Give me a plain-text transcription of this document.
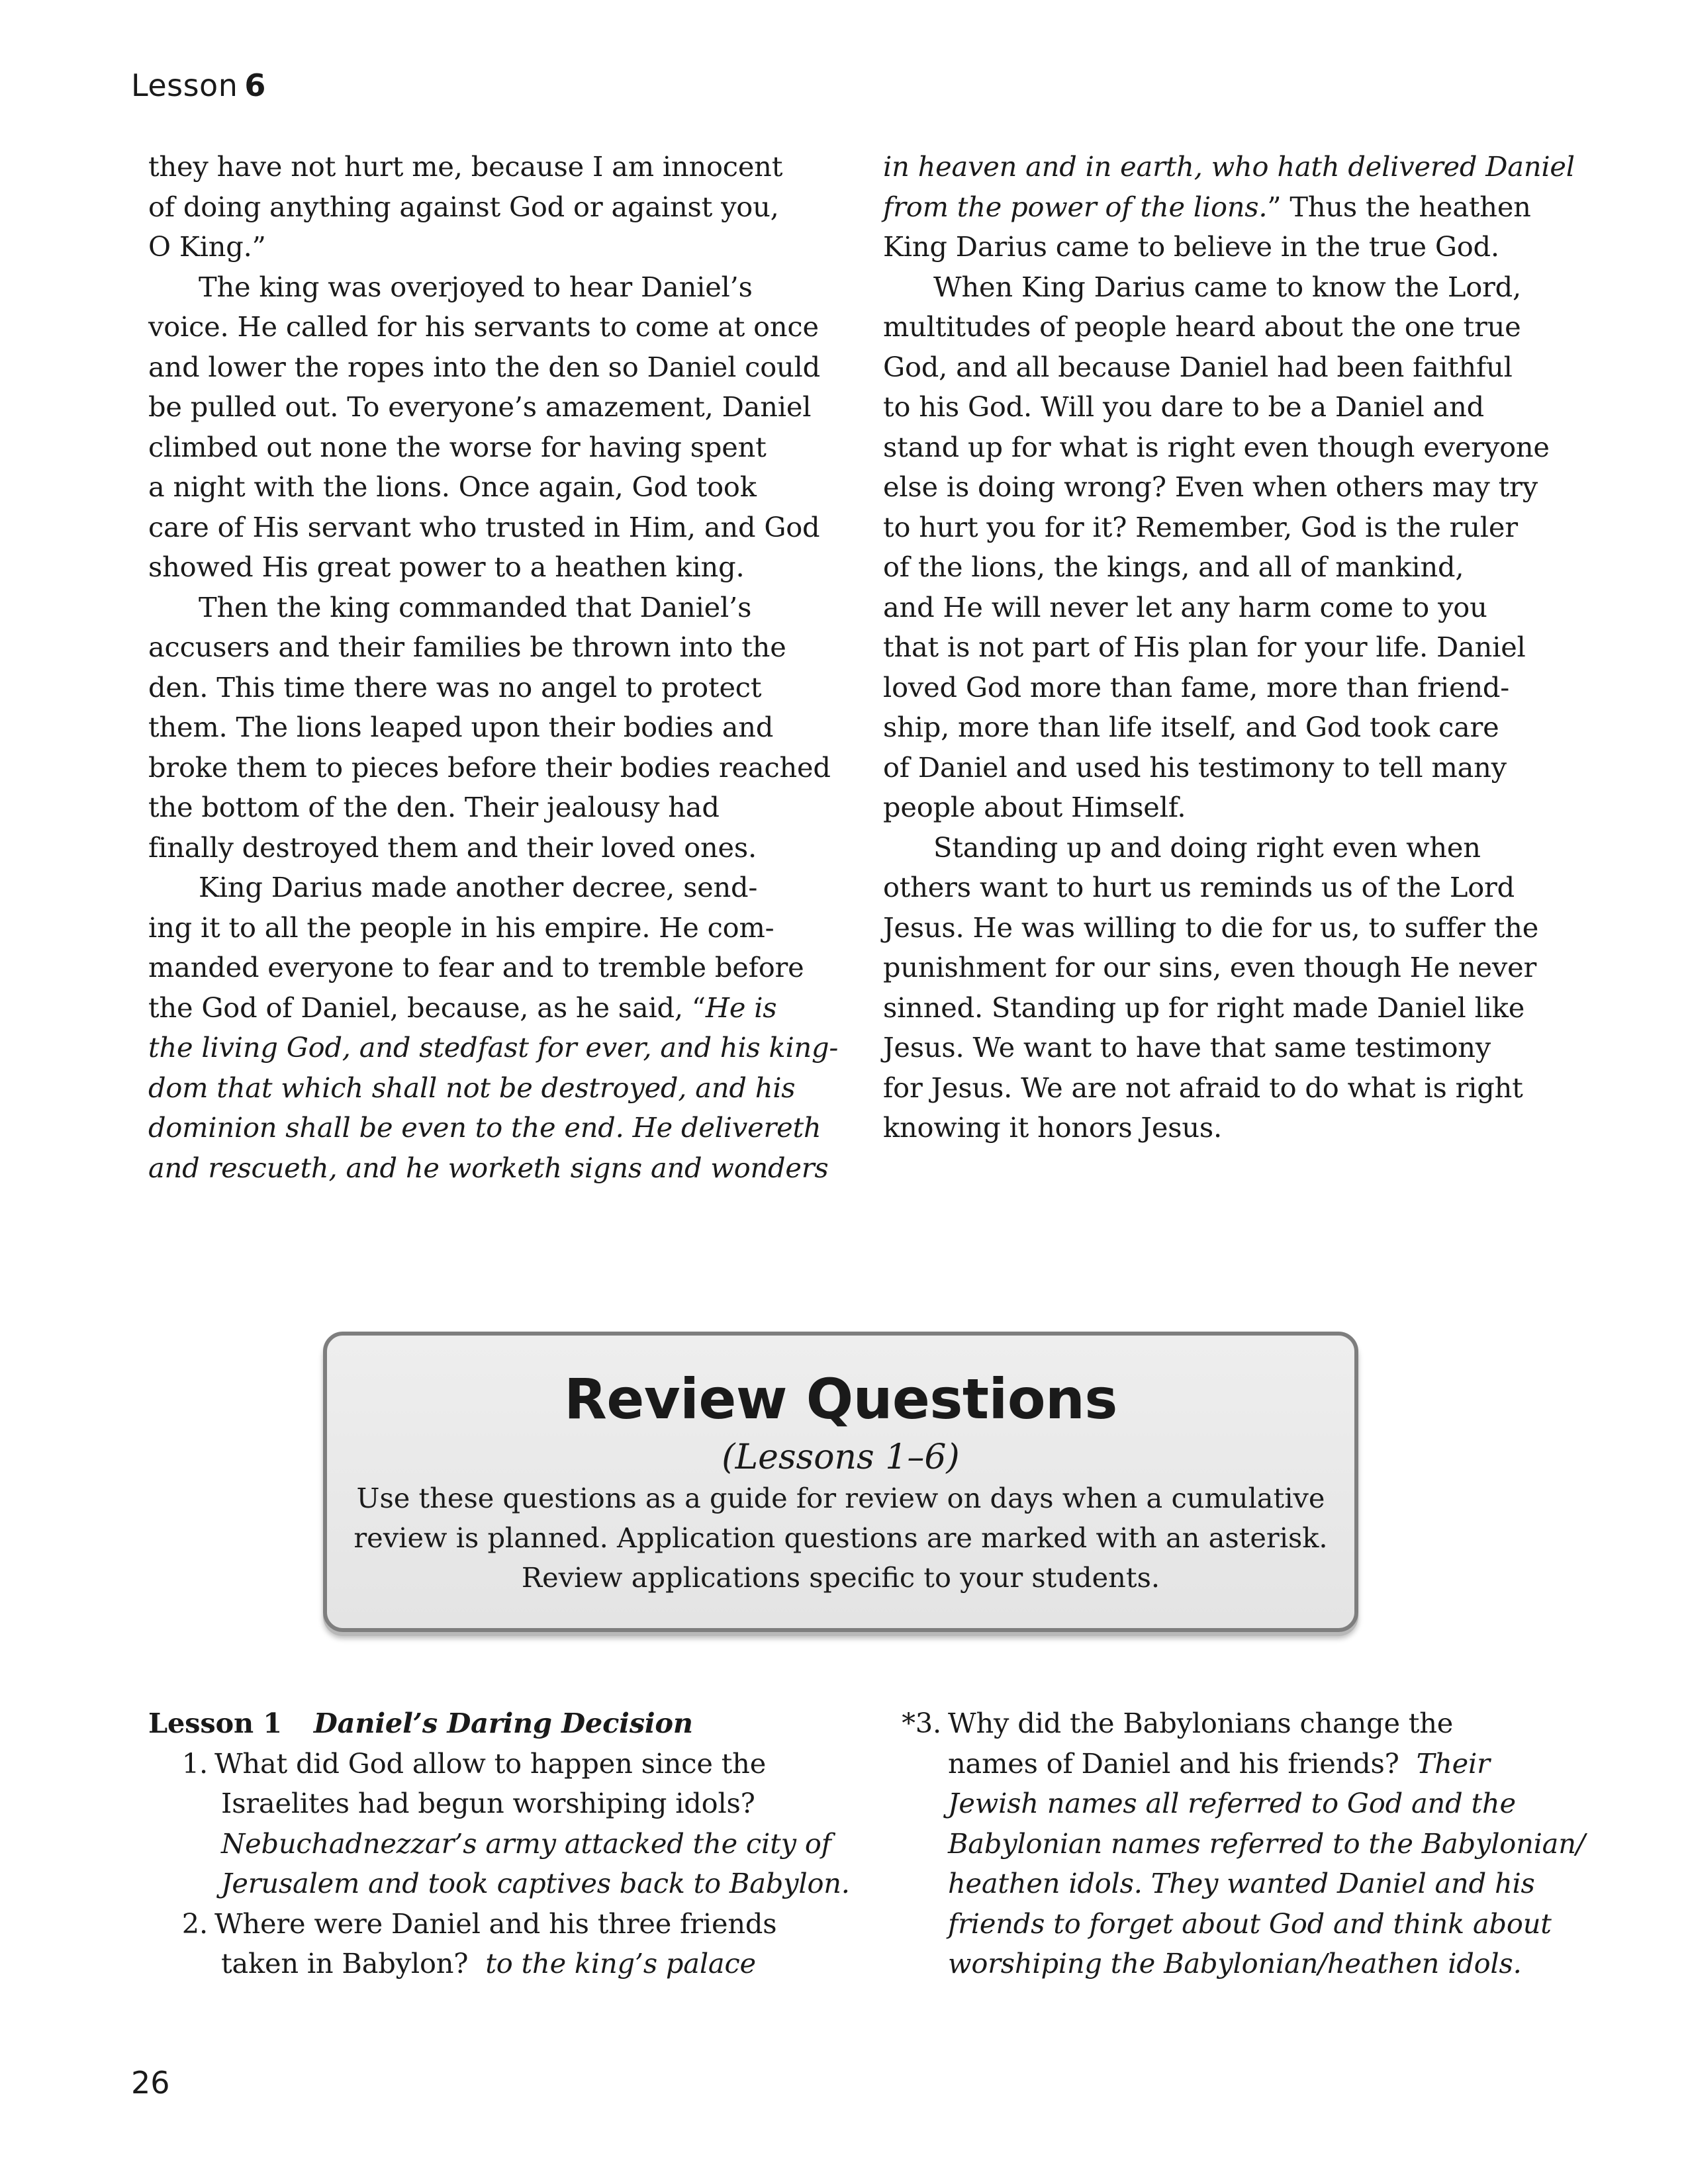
Lesson 6
they have not hurt me, because I am innocent
of doing anything against God or against you,
O King.”
The king was overjoyed to hear Daniel’s
voice. He called for his servants to come at once
and lower the ropes into the den so Daniel could
be pulled out. To everyone’s amazement, Daniel
climbed out none the worse for having spent
a night with the lions. Once again, God took
care of His servant who trusted in Him, and God
showed His great power to a heathen king.
Then the king commanded that Daniel’s
accusers and their families be thrown into the
den. This time there was no angel to protect
them. The lions leaped upon their bodies and
broke them to pieces before their bodies reached
the bottom of the den. Their jealousy had
finally destroyed them and their loved ones.
King Darius made another decree, send-
ing it to all the people in his empire. He com-
manded everyone to fear and to tremble before
the God of Daniel, because, as he said, “He is
the living God, and stedfast for ever, and his king-
dom that which shall not be destroyed, and his
dominion shall be even to the end. He delivereth
and rescueth, and he worketh signs and wonders
in heaven and in earth, who hath delivered Daniel
from the power of the lions.” Thus the heathen
King Darius came to believe in the true God.
When King Darius came to know the Lord,
multitudes of people heard about the one true
God, and all because Daniel had been faithful
to his God. Will you dare to be a Daniel and
stand up for what is right even though everyone
else is doing wrong? Even when others may try
to hurt you for it? Remember, God is the ruler
of the lions, the kings, and all of mankind,
and He will never let any harm come to you
that is not part of His plan for your life. Daniel
loved God more than fame, more than friend-
ship, more than life itself, and God took care
of Daniel and used his testimony to tell many
people about Himself.
Standing up and doing right even when
others want to hurt us reminds us of the Lord
Jesus. He was willing to die for us, to suffer the
punishment for our sins, even though He never
sinned. Standing up for right made Daniel like
Jesus. We want to have that same testimony
for Jesus. We are not afraid to do what is right
knowing it honors Jesus.
Review Questions
(Lessons 1–6)
Use these questions as a guide for review on days when a cumulative
review is planned. Application questions are marked with an asterisk.
Review applications specific to your students.
Lesson 1 Daniel’s Daring Decision
1. What did God allow to happen since the
Israelites had begun worshiping idols?
Nebuchadnezzar’s army attacked the city of
Jerusalem and took captives back to Babylon.
2. Where were Daniel and his three friends
taken in Babylon? to the king’s palace
*3. Why did the Babylonians change the
names of Daniel and his friends? Their
Jewish names all referred to God and the
Babylonian names referred to the Babylonian/
heathen idols. They wanted Daniel and his
friends to forget about God and think about
worshiping the Babylonian/heathen idols.
26
